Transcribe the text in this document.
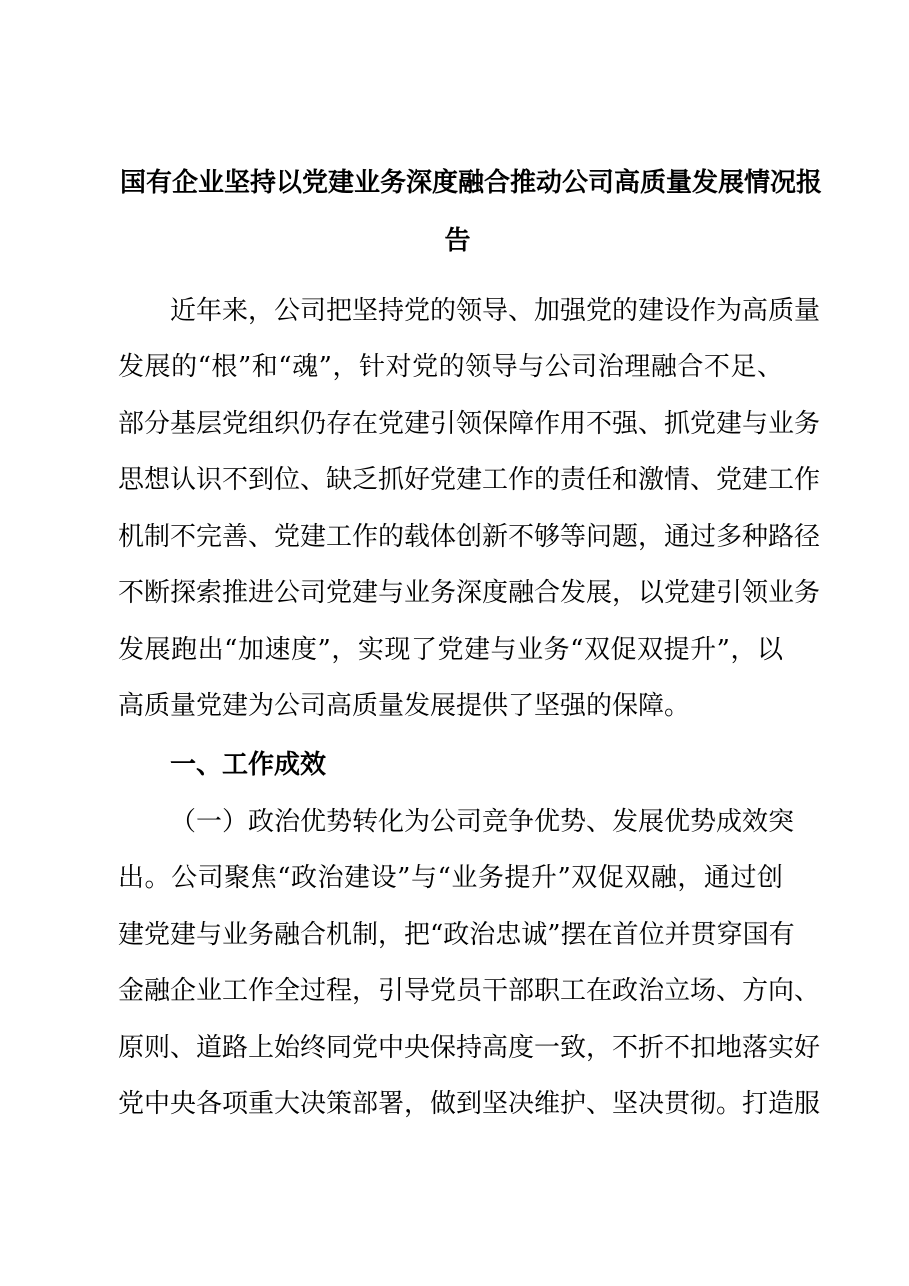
国有企业坚持以党建业务深度融合推动公司高质量发展情况报
告

近年来，公司把坚持党的领导、加强党的建设作为高质量

发展的“根”和“魂”，针对党的领导与公司治理融合不足、

部分基层党组织仍存在党建引领保障作用不强、抓党建与业务

思想认识不到位、缺乏抓好党建工作的责任和激情、党建工作

机制不完善、党建工作的载体创新不够等问题，通过多种路径

不断探索推进公司党建与业务深度融合发展，以党建引领业务

发展跑出“加速度”，实现了党建与业务“双促双提升”，以

高质量党建为公司高质量发展提供了坚强的保障。

一、工作成效

（一）政治优势转化为公司竞争优势、发展优势成效突

出。公司聚焦“政治建设”与“业务提升”双促双融，通过创

建党建与业务融合机制，把“政治忠诚”摆在首位并贯穿国有

金融企业工作全过程，引导党员干部职工在政治立场、方向、

原则、道路上始终同党中央保持高度一致，不折不扣地落实好

党中央各项重大决策部署，做到坚决维护、坚决贯彻。打造服
